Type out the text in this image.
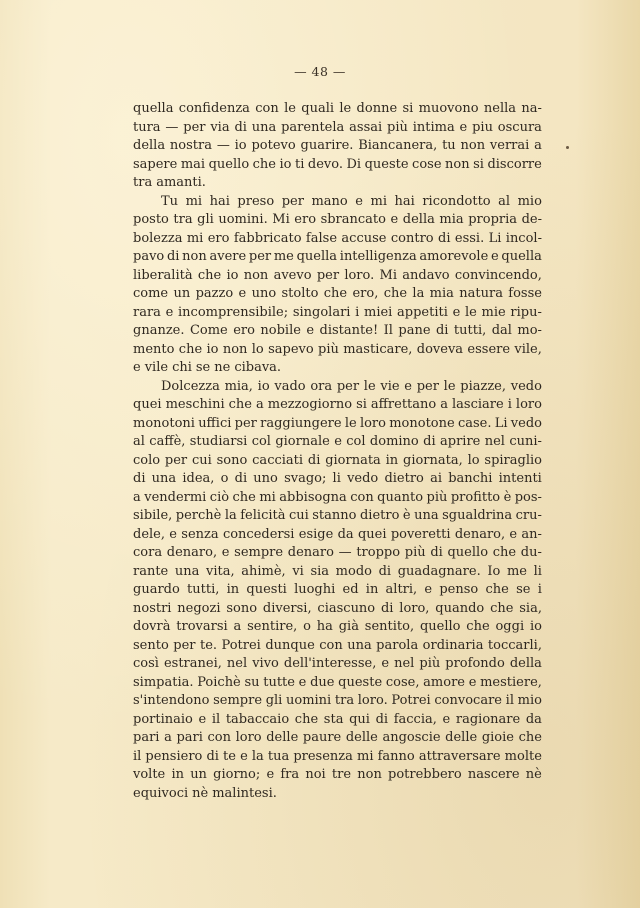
— 48 —
quella confidenza con le quali le donne si muovono nella na-
tura — per via di una parentela assai più intima e piu oscura
della nostra — io potevo guarire. Biancanera, tu non verrai a
sapere mai quello che io ti devo. Di queste cose non si discorre
tra amanti.
Tu mi hai preso per mano e mi hai ricondotto al mio
posto tra gli uomini. Mi ero sbrancato e della mia propria de-
bolezza mi ero fabbricato false accuse contro di essi. Li incol-
pavo di non avere per me quella intelligenza amorevole e quella
liberalità che io non avevo per loro. Mi andavo convincendo,
come un pazzo e uno stolto che ero, che la mia natura fosse
rara e incomprensibile; singolari i miei appetiti e le mie ripu-
gnanze. Come ero nobile e distante! Il pane di tutti, dal mo-
mento che io non lo sapevo più masticare, doveva essere vile,
e vile chi se ne cibava.
Dolcezza mia, io vado ora per le vie e per le piazze, vedo
quei meschini che a mezzogiorno si affrettano a lasciare i loro
monotoni uffici per raggiungere le loro monotone case. Li vedo
al caffè, studiarsi col giornale e col domino di aprire nel cuni-
colo per cui sono cacciati di giornata in giornata, lo spiraglio
di una idea, o di uno svago; li vedo dietro ai banchi intenti
a vendermi ciò che mi abbisogna con quanto più profitto è pos-
sibile, perchè la felicità cui stanno dietro è una sgualdrina cru-
dele, e senza concedersi esige da quei poveretti denaro, e an-
cora denaro, e sempre denaro — troppo più di quello che du-
rante una vita, ahimè, vi sia modo di guadagnare. Io me li
guardo tutti, in questi luoghi ed in altri, e penso che se i
nostri negozi sono diversi, ciascuno di loro, quando che sia,
dovrà trovarsi a sentire, o ha già sentito, quello che oggi io
sento per te. Potrei dunque con una parola ordinaria toccarli,
così estranei, nel vivo dell'interesse, e nel più profondo della
simpatia. Poichè su tutte e due queste cose, amore e mestiere,
s'intendono sempre gli uomini tra loro. Potrei convocare il mio
portinaio e il tabaccaio che sta qui di faccia, e ragionare da
pari a pari con loro delle paure delle angoscie delle gioie che
il pensiero di te e la tua presenza mi fanno attraversare molte
volte in un giorno; e fra noi tre non potrebbero nascere nè
equivoci nè malintesi.
